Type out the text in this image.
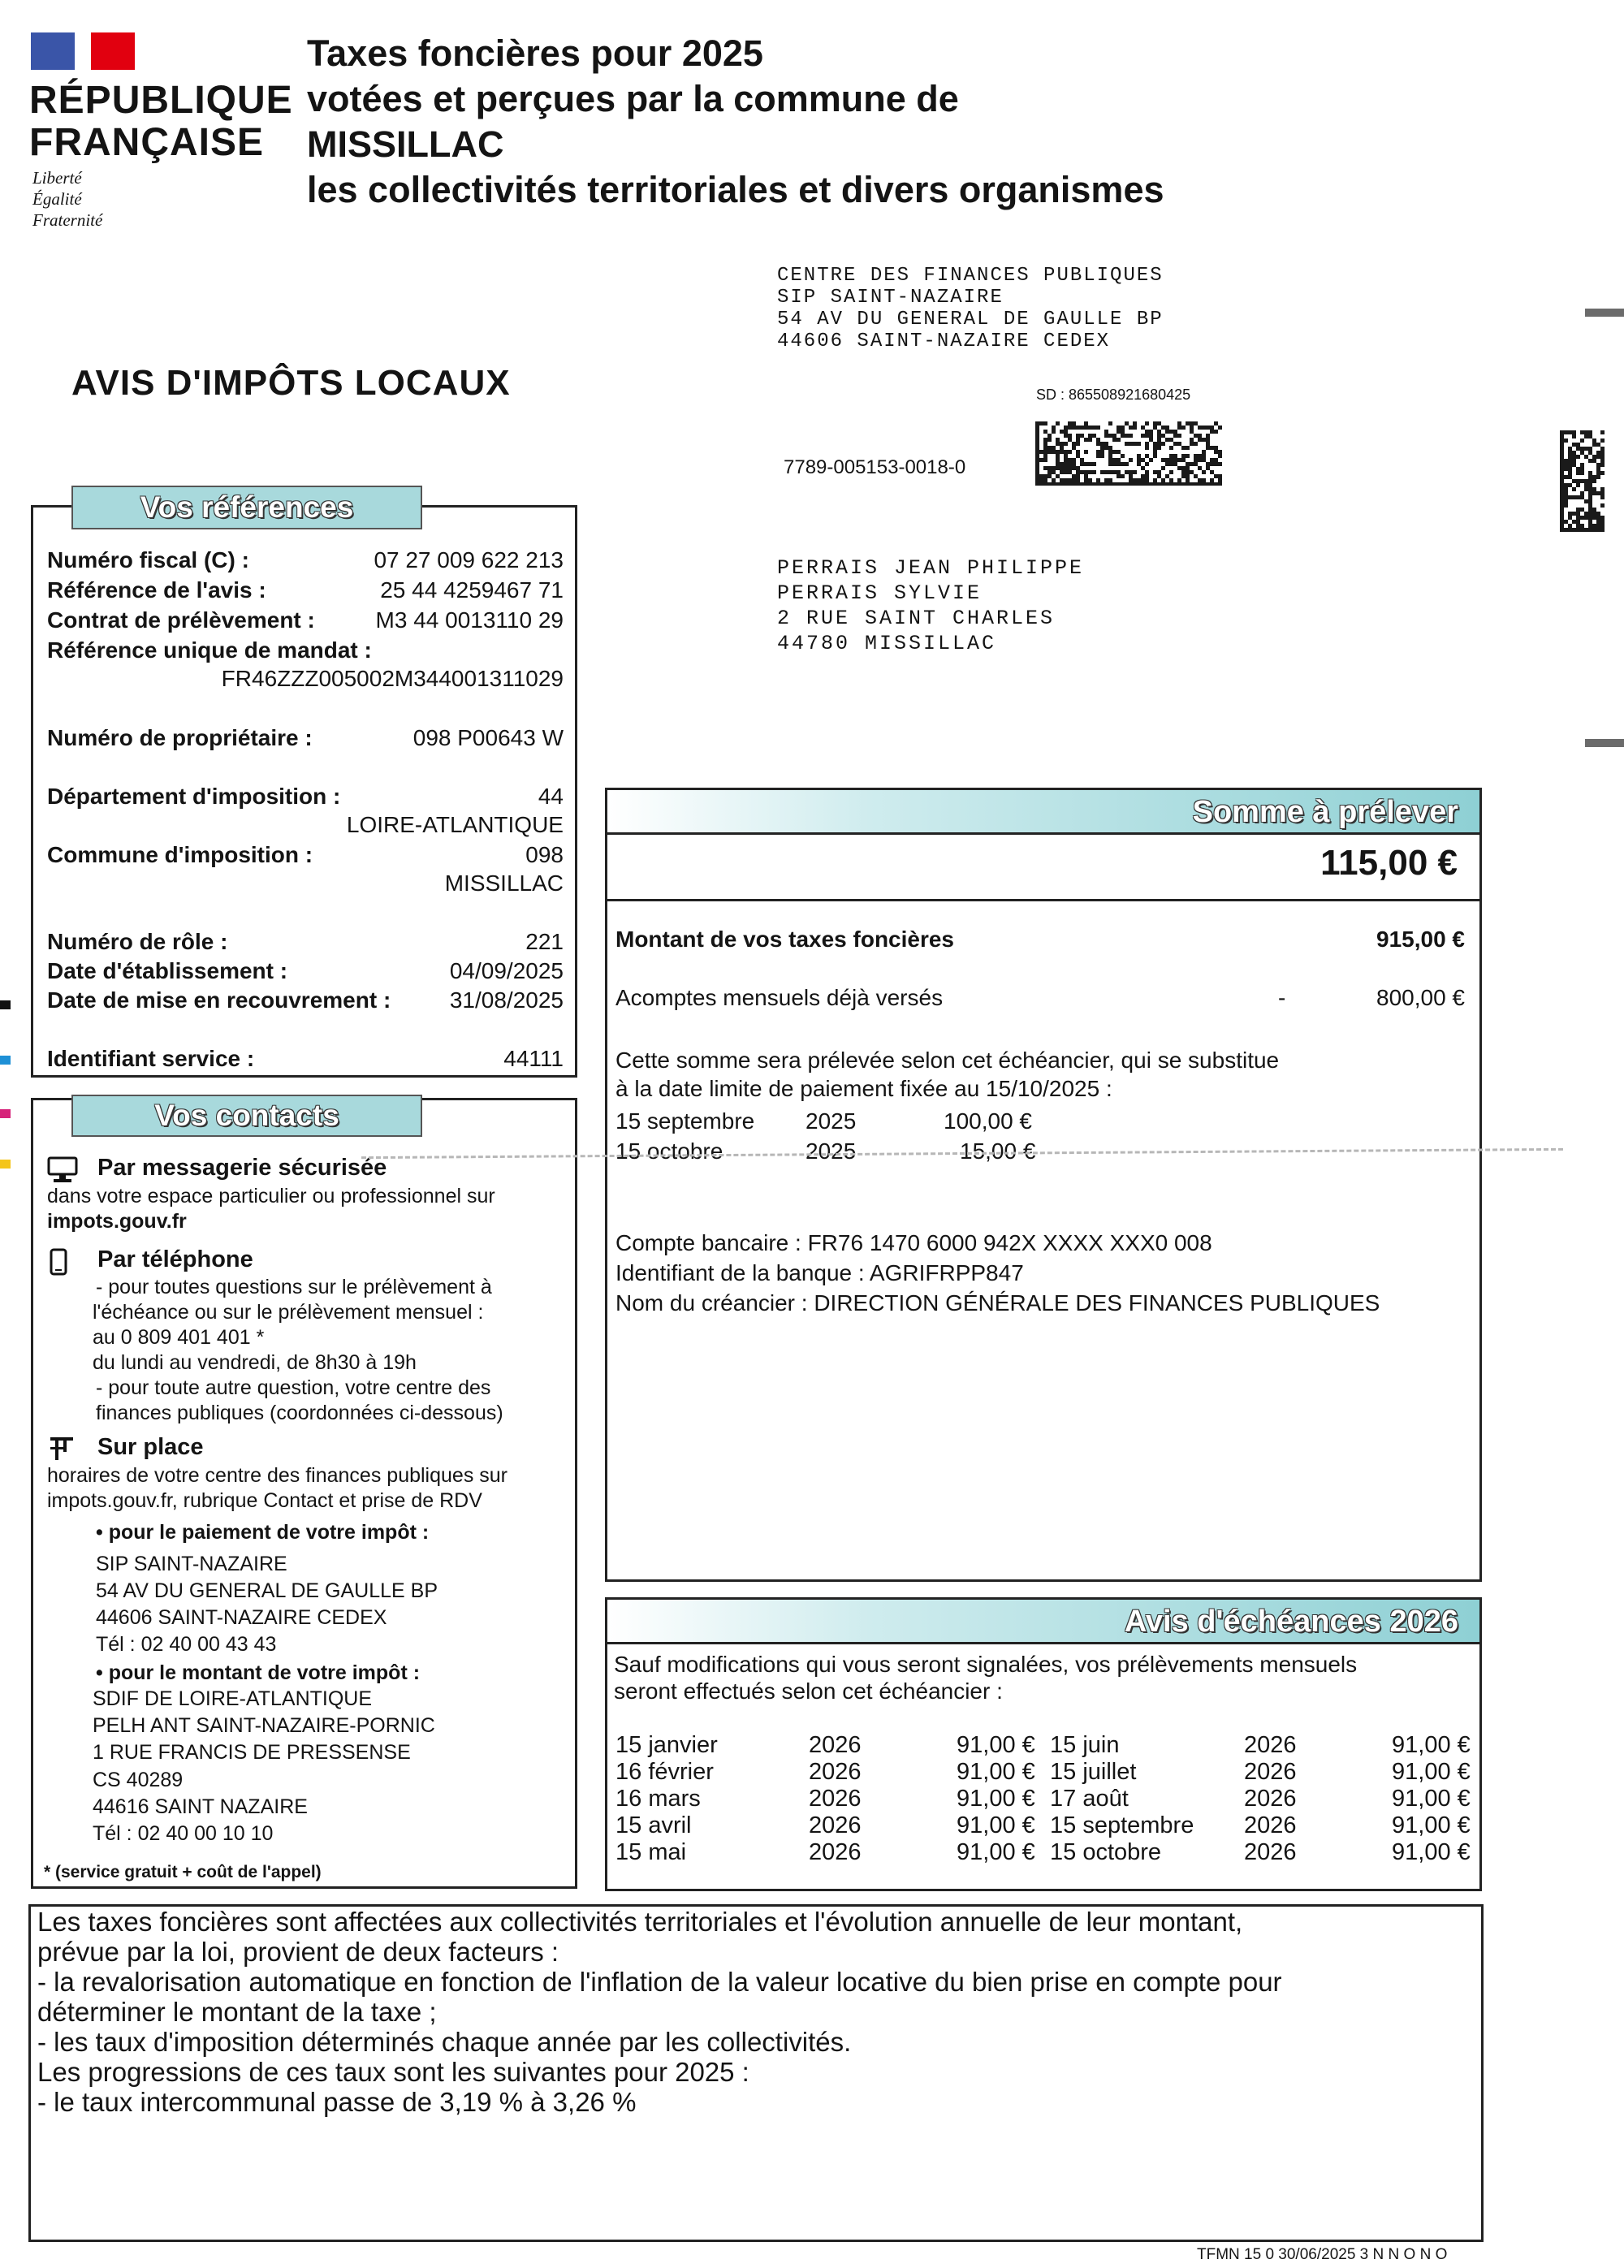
RÉPUBLIQUE
FRANÇAISE
Liberté
Égalité
Fraternité
Taxes foncières pour 2025
votées et perçues par la commune de
MISSILLAC
les collectivités territoriales et divers organismes
CENTRE DES FINANCES PUBLIQUES
SIP SAINT-NAZAIRE
54 AV DU GENERAL DE GAULLE BP
44606 SAINT-NAZAIRE CEDEX
AVIS D'IMPÔTS LOCAUX	SD : 865508921680425
7789-005153-0018-0
PERRAIS JEAN PHILIPPE
PERRAIS SYLVIE
2 RUE SAINT CHARLES
44780 MISSILLAC
Vos références
Numéro fiscal (C) :	07 27 009 622 213
Référence de l'avis :	25 44 4259467 71
Contrat de prélèvement :	M3 44 0013110 29
Référence unique de mandat :
FR46ZZZ005002M344001311029
Numéro de propriétaire :	098 P00643 W
Département d'imposition :	44
LOIRE-ATLANTIQUE
Commune d'imposition :	098
MISSILLAC
Numéro de rôle :	221
Date d'établissement :	04/09/2025
Date de mise en recouvrement :	31/08/2025
Identifiant service :	44111
Vos contacts
Par messagerie sécurisée
dans votre espace particulier ou professionnel sur
impots.gouv.fr
Par téléphone
- pour toutes questions sur le prélèvement à
l'échéance ou sur le prélèvement mensuel :
au 0 809 401 401 *
du lundi au vendredi, de 8h30 à 19h
- pour toute autre question, votre centre des
finances publiques (coordonnées ci-dessous)
Sur place
horaires de votre centre des finances publiques sur
impots.gouv.fr, rubrique Contact et prise de RDV
• pour le paiement de votre impôt :
SIP SAINT-NAZAIRE
54 AV DU GENERAL DE GAULLE BP
44606 SAINT-NAZAIRE CEDEX
Tél : 02 40 00 43 43
• pour le montant de votre impôt :
SDIF DE LOIRE-ATLANTIQUE
PELH ANT SAINT-NAZAIRE-PORNIC
1 RUE FRANCIS DE PRESSENSE
CS 40289
44616 SAINT NAZAIRE
Tél : 02 40 00 10 10
* (service gratuit + coût de l'appel)
Somme à prélever
115,00 €
Montant de vos taxes foncières	915,00 €
Acomptes mensuels déjà versés	-	800,00 €
Cette somme sera prélevée selon cet échéancier, qui se substitue
à la date limite de paiement fixée au 15/10/2025 :
15 septembre 2025	100,00 €
15 octobre	2025	15,00 €
Compte bancaire : FR76 1470 6000 942X XXXX XXX0 008
Identifiant de la banque : AGRIFRPP847
Nom du créancier : DIRECTION GÉNÉRALE DES FINANCES PUBLIQUES
Avis d'échéances 2026
Sauf modifications qui vous seront signalées, vos prélèvements mensuels
seront effectués selon cet échéancier :
15 janvier	2026	91,00 €
16 février	2026	91,00 €
16 mars	2026	91,00 €
15 avril	2026	91,00 €
15 mai	2026	91,00 €
15 juin	2026	91,00 €
15 juillet	2026	91,00 €
17 août	2026	91,00 €
15 septembre 2026	91,00 €
15 octobre	2026	91,00 €
Les taxes foncières sont affectées aux collectivités territoriales et l'évolution annuelle de leur montant,
prévue par la loi, provient de deux facteurs :
- la revalorisation automatique en fonction de l'inflation de la valeur locative du bien prise en compte pour
déterminer le montant de la taxe ;
- les taux d'imposition déterminés chaque année par les collectivités.
Les progressions de ces taux sont les suivantes pour 2025 :
- le taux intercommunal passe de 3,19 % à 3,26 %
TFMN 15 0 30/06/2025 3 N N O N O
